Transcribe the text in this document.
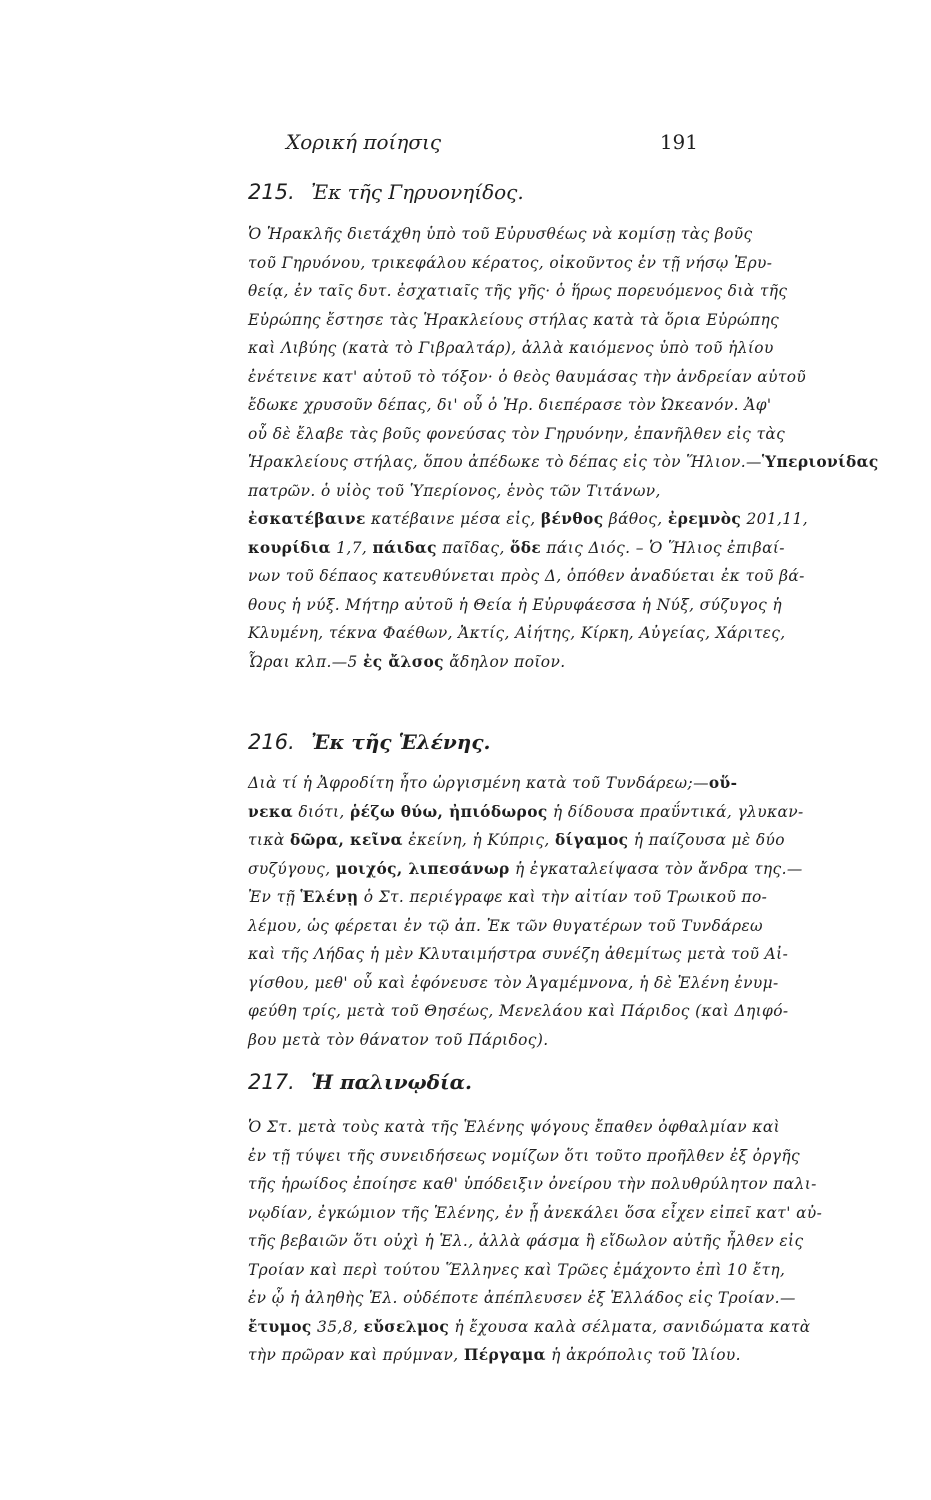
Χορική ποίησις	191
215. Ἐκ τῆς Γηρυονηίδος.
Ὁ Ἡρακλῆς διετάχθη ὑπὸ τοῦ Εὐρυσθέως νὰ κομίσῃ τὰς βοῦς
τοῦ Γηρυόνου, τρικεφάλου κέρατος, οἰκοῦντος ἐν τῇ νήσῳ Ἐρυ-
θείᾳ, ἐν ταῖς δυτ. ἐσχατιαῖς τῆς γῆς· ὁ ἥρως πορευόμενος διὰ τῆς
Εὐρώπης ἔστησε τὰς Ἡρακλείους στήλας κατὰ τὰ ὅρια Εὐρώπης
καὶ Λιβύης (κατὰ τὸ Γιβραλτάρ), ἀλλὰ καιόμενος ὑπὸ τοῦ ἡλίου
ἐνέτεινε κατ' αὐτοῦ τὸ τόξον· ὁ θεὸς θαυμάσας τὴν ἀνδρείαν αὐτοῦ
ἔδωκε χρυσοῦν δέπας, δι' οὗ ὁ Ἡρ. διεπέρασε τὸν Ὠκεανόν. Ἀφ'
οὗ δὲ ἔλαβε τὰς βοῦς φονεύσας τὸν Γηρυόνην, ἐπανῆλθεν εἰς τὰς
Ἡρακλείους στήλας, ὅπου ἀπέδωκε τὸ δέπας εἰς τὸν Ἥλιον.—Ὑπεριονίδας
πατρῶν. ὁ υἱὸς τοῦ Ὑπερίονος, ἑνὸς τῶν Τιτάνων,
ἐσκατέβαινε κατέβαινε μέσα εἰς, βένθος βάθος, ἐρεμνὸς 201,11,
κουρίδια 1,7, πάιδας παῖδας, ὅδε πάις Διός. – Ὁ Ἥλιος ἐπιβαί-
νων τοῦ δέπαος κατευθύνεται πρὸς Δ, ὁπόθεν ἀναδύεται ἐκ τοῦ βά-
θους ἡ νύξ. Μήτηρ αὐτοῦ ἡ Θεία ἡ Εὐρυφάεσσα ἡ Νύξ, σύζυγος ἡ
Κλυμένη, τέκνα Φαέθων, Ἀκτίς, Αἰήτης, Κίρκη, Αὐγείας, Χάριτες,
Ὧραι κλπ.—5 ἐς ἄλσος ἄδηλον ποῖον.
216. Ἐκ τῆς Ἑλένης.
Διὰ τί ἡ Ἀφροδίτη ἦτο ὠργισμένη κατὰ τοῦ Τυνδάρεω;—οὕ-
νεκα διότι, ῥέζω θύω, ἠπιόδωρος ἡ δίδουσα πραΰντικά, γλυκαν-
τικὰ δῶρα, κεῖνα ἐκείνη, ἡ Κύπρις, δίγαμος ἡ παίζουσα μὲ δύο
συζύγους, μοιχός, λιπεσάνωρ ἡ ἐγκαταλείψασα τὸν ἄνδρα της.—
Ἐν τῇ Ἑλένῃ ὁ Στ. περιέγραφε καὶ τὴν αἰτίαν τοῦ Τρωικοῦ πο-
λέμου, ὡς φέρεται ἐν τῷ ἀπ. Ἐκ τῶν θυγατέρων τοῦ Τυνδάρεω
καὶ τῆς Λήδας ἡ μὲν Κλυταιμήστρα συνέζη ἀθεμίτως μετὰ τοῦ Αἰ-
γίσθου, μεθ' οὗ καὶ ἐφόνευσε τὸν Ἀγαμέμνονα, ἡ δὲ Ἑλένη ἐνυμ-
φεύθη τρίς, μετὰ τοῦ Θησέως, Μενελάου καὶ Πάριδος (καὶ Δηιφό-
βου μετὰ τὸν θάνατον τοῦ Πάριδος).
217. Ἡ παλινῳδία.
Ὁ Στ. μετὰ τοὺς κατὰ τῆς Ἑλένης ψόγους ἔπαθεν ὀφθαλμίαν καὶ
ἐν τῇ τύψει τῆς συνειδήσεως νομίζων ὅτι τοῦτο προῆλθεν ἐξ ὀργῆς
τῆς ἡρωίδος ἐποίησε καθ' ὑπόδειξιν ὀνείρου τὴν πολυθρύλητον παλι-
νῳδίαν, ἐγκώμιον τῆς Ἑλένης, ἐν ᾗ ἀνεκάλει ὅσα εἶχεν εἰπεῖ κατ' αὐ-
τῆς βεβαιῶν ὅτι οὐχὶ ἡ Ἑλ., ἀλλὰ φάσμα ἢ εἴδωλον αὐτῆς ἦλθεν εἰς
Τροίαν καὶ περὶ τούτου Ἕλληνες καὶ Τρῶες ἐμάχοντο ἐπὶ 10 ἔτη,
ἐν ᾧ ἡ ἀληθὴς Ἑλ. οὐδέποτε ἀπέπλευσεν ἐξ Ἑλλάδος εἰς Τροίαν.—
ἔτυμος 35,8, εὔσελμος ἡ ἔχουσα καλὰ σέλματα, σανιδώματα κατὰ
τὴν πρῶραν καὶ πρύμναν, Πέργαμα ἡ ἀκρόπολις τοῦ Ἰλίου.
